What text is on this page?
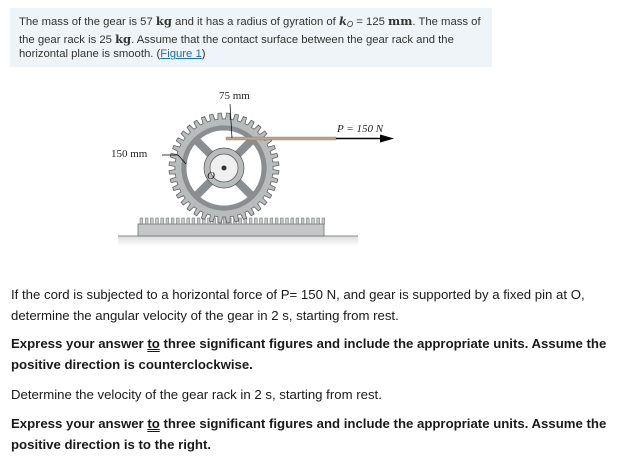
The mass of the gear is 57 kg and it has a radius of gyration of $k_O = 125$ mm. The mass of the gear rack is 25 kg. Assume that the contact surface between the gear rack and the horizontal plane is smooth. (Figure 1)
75 mm
150 mm
P = 150 N
O
If the cord is subjected to a horizontal force of P= 150 N, and gear is supported by a fixed pin at O, determine the angular velocity of the gear in 2 s, starting from rest.
Express your answer to three significant figures and include the appropriate units. Assume the positive direction is counterclockwise.
Determine the velocity of the gear rack in 2 s, starting from rest.
Express your answer to three significant figures and include the appropriate units. Assume the positive direction is to the right.
